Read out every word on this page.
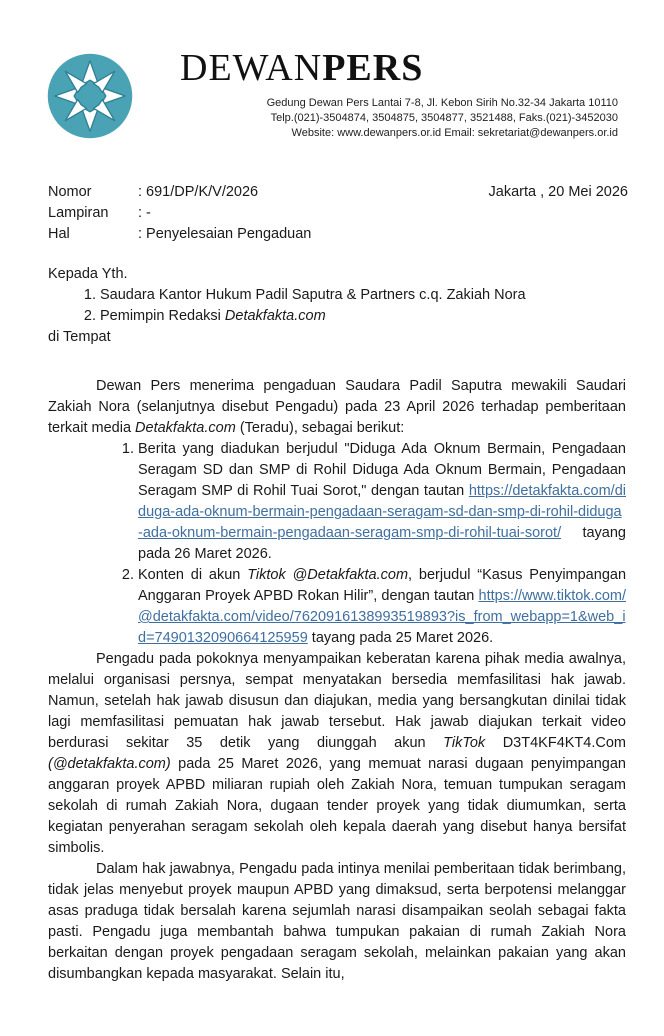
DEWANPERS
Gedung Dewan Pers Lantai 7-8, Jl. Kebon Sirih No.32-34 Jakarta 10110
Telp.(021)-3504874, 3504875, 3504877, 3521488, Faks.(021)-3452030
Website: www.dewanpers.or.id Email: sekretariat@dewanpers.or.id
Jakarta , 20 Mei 2026
Nomor	: 691/DP/K/V/2026
Lampiran	: -
Hal	: Penyelesaian Pengaduan
Kepada Yth.
1. Saudara Kantor Hukum Padil Saputra & Partners c.q. Zakiah Nora
2. Pemimpin Redaksi Detakfakta.com
di Tempat

Dewan Pers menerima pengaduan Saudara Padil Saputra mewakili Saudari Zakiah Nora (selanjutnya disebut Pengadu) pada 23 April 2026 terhadap pemberitaan terkait media Detakfakta.com (Teradu), sebagai berikut:

1. Berita yang diadukan berjudul "Diduga Ada Oknum Bermain, Pengadaan Seragam SD dan SMP di Rohil Diduga Ada Oknum Bermain, Pengadaan Seragam SMP di Rohil Tuai Sorot," dengan tautan https://detakfakta.com/diduga-ada-oknum-bermain-pengadaan-seragam-sd-dan-smp-di-rohil-diduga-ada-oknum-bermain-pengadaan-seragam-smp-di-rohil-tuai-sorot/ tayang pada 26 Maret 2026.
2. Konten di akun Tiktok @Detakfakta.com, berjudul “Kasus Penyimpangan Anggaran Proyek APBD Rokan Hilir”, dengan tautan https://www.tiktok.com/@detakfakta.com/video/7620916138993519893?is_from_webapp=1&web_id=7490132090664125959 tayang pada 25 Maret 2026.

Pengadu pada pokoknya menyampaikan keberatan karena pihak media awalnya, melalui organisasi persnya, sempat menyatakan bersedia memfasilitasi hak jawab. Namun, setelah hak jawab disusun dan diajukan, media yang bersangkutan dinilai tidak lagi memfasilitasi pemuatan hak jawab tersebut. Hak jawab diajukan terkait video berdurasi sekitar 35 detik yang diunggah akun TikTok D3T4KF4KT4.Com (@detakfakta.com) pada 25 Maret 2026, yang memuat narasi dugaan penyimpangan anggaran proyek APBD miliaran rupiah oleh Zakiah Nora, temuan tumpukan seragam sekolah di rumah Zakiah Nora, dugaan tender proyek yang tidak diumumkan, serta kegiatan penyerahan seragam sekolah oleh kepala daerah yang disebut hanya bersifat simbolis.

Dalam hak jawabnya, Pengadu pada intinya menilai pemberitaan tidak berimbang, tidak jelas menyebut proyek maupun APBD yang dimaksud, serta berpotensi melanggar asas praduga tidak bersalah karena sejumlah narasi disampaikan seolah sebagai fakta pasti. Pengadu juga membantah bahwa tumpukan pakaian di rumah Zakiah Nora berkaitan dengan proyek pengadaan seragam sekolah, melainkan pakaian yang akan disumbangkan kepada masyarakat. Selain itu,
